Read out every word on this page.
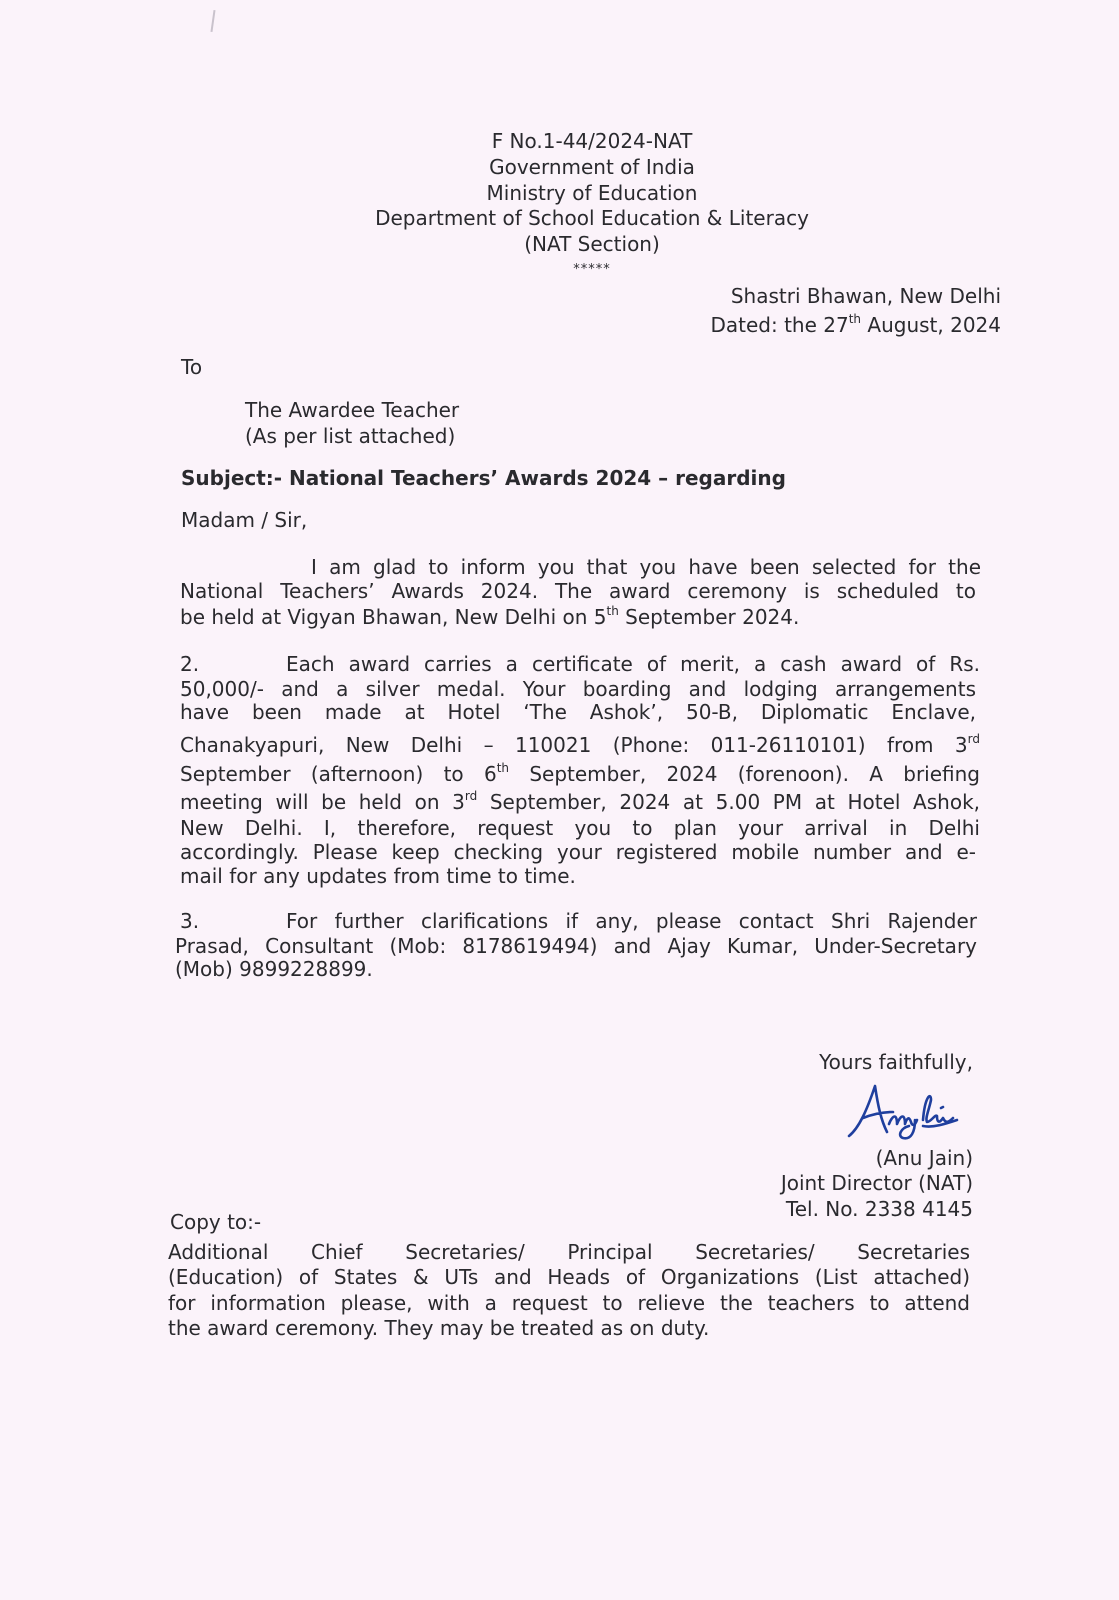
F No.1-44/2024-NAT
Government of India
Ministry of Education
Department of School Education & Literacy
(NAT Section)
*****
Shastri Bhawan, New Delhi
Dated: the 27th August, 2024
To
The Awardee Teacher
(As per list attached)
Subject:- National Teachers’ Awards 2024 – regarding
Madam / Sir,
I am glad to inform you that you have been selected for the
National Teachers’ Awards 2024. The award ceremony is scheduled to
be held at Vigyan Bhawan, New Delhi on 5th September 2024.
2.	Each award carries a certificate of merit, a cash award of Rs.
50,000/- and a silver medal. Your boarding and lodging arrangements
have been made at Hotel ‘The Ashok’, 50-B, Diplomatic Enclave,
Chanakyapuri, New Delhi – 110021 (Phone: 011-26110101) from 3rd
September (afternoon) to 6th September, 2024 (forenoon). A briefing
meeting will be held on 3rd September, 2024 at 5.00 PM at Hotel Ashok,
New Delhi. I, therefore, request you to plan your arrival in Delhi
accordingly. Please keep checking your registered mobile number and e-
mail for any updates from time to time.
3.	For further clarifications if any, please contact Shri Rajender
Prasad, Consultant (Mob: 8178619494) and Ajay Kumar, Under-Secretary
(Mob) 9899228899.
Yours faithfully,
(Anu Jain)
Joint Director (NAT)
Tel. No. 2338 4145
Copy to:-
Additional Chief Secretaries/ Principal Secretaries/ Secretaries
(Education) of States & UTs and Heads of Organizations (List attached)
for information please, with a request to relieve the teachers to attend
the award ceremony. They may be treated as on duty.
